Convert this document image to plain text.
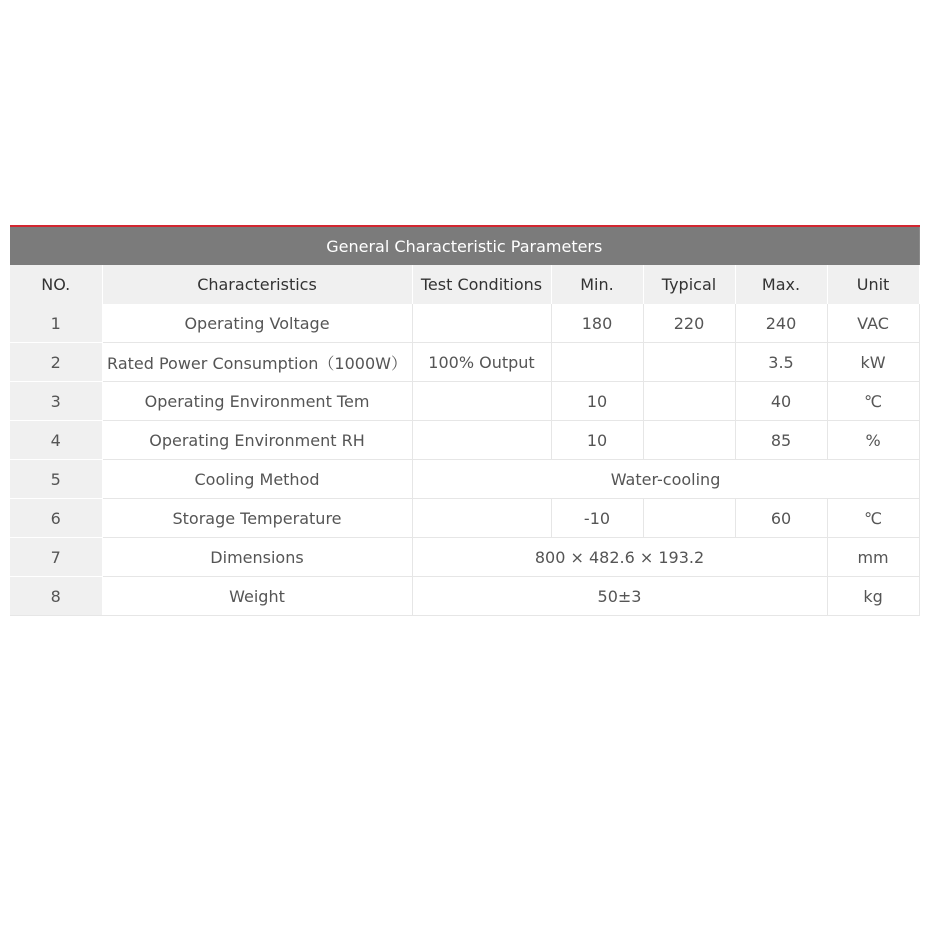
General Characteristic Parameters						
NO.	Characteristics	Test Conditions	Min.	Typical	Max.	Unit
1	Operating Voltage		180	220	240	VAC
2	Rated Power Consumption（1000W）	100% Output			3.5	kW
3	Operating Environment Tem		10		40	℃
4	Operating Environment RH		10		85	%
5	Cooling Method	Water-cooling				
6	Storage Temperature		-10		60	℃
7	Dimensions	800 × 482.6 × 193.2				mm
8	Weight	50±3				kg
